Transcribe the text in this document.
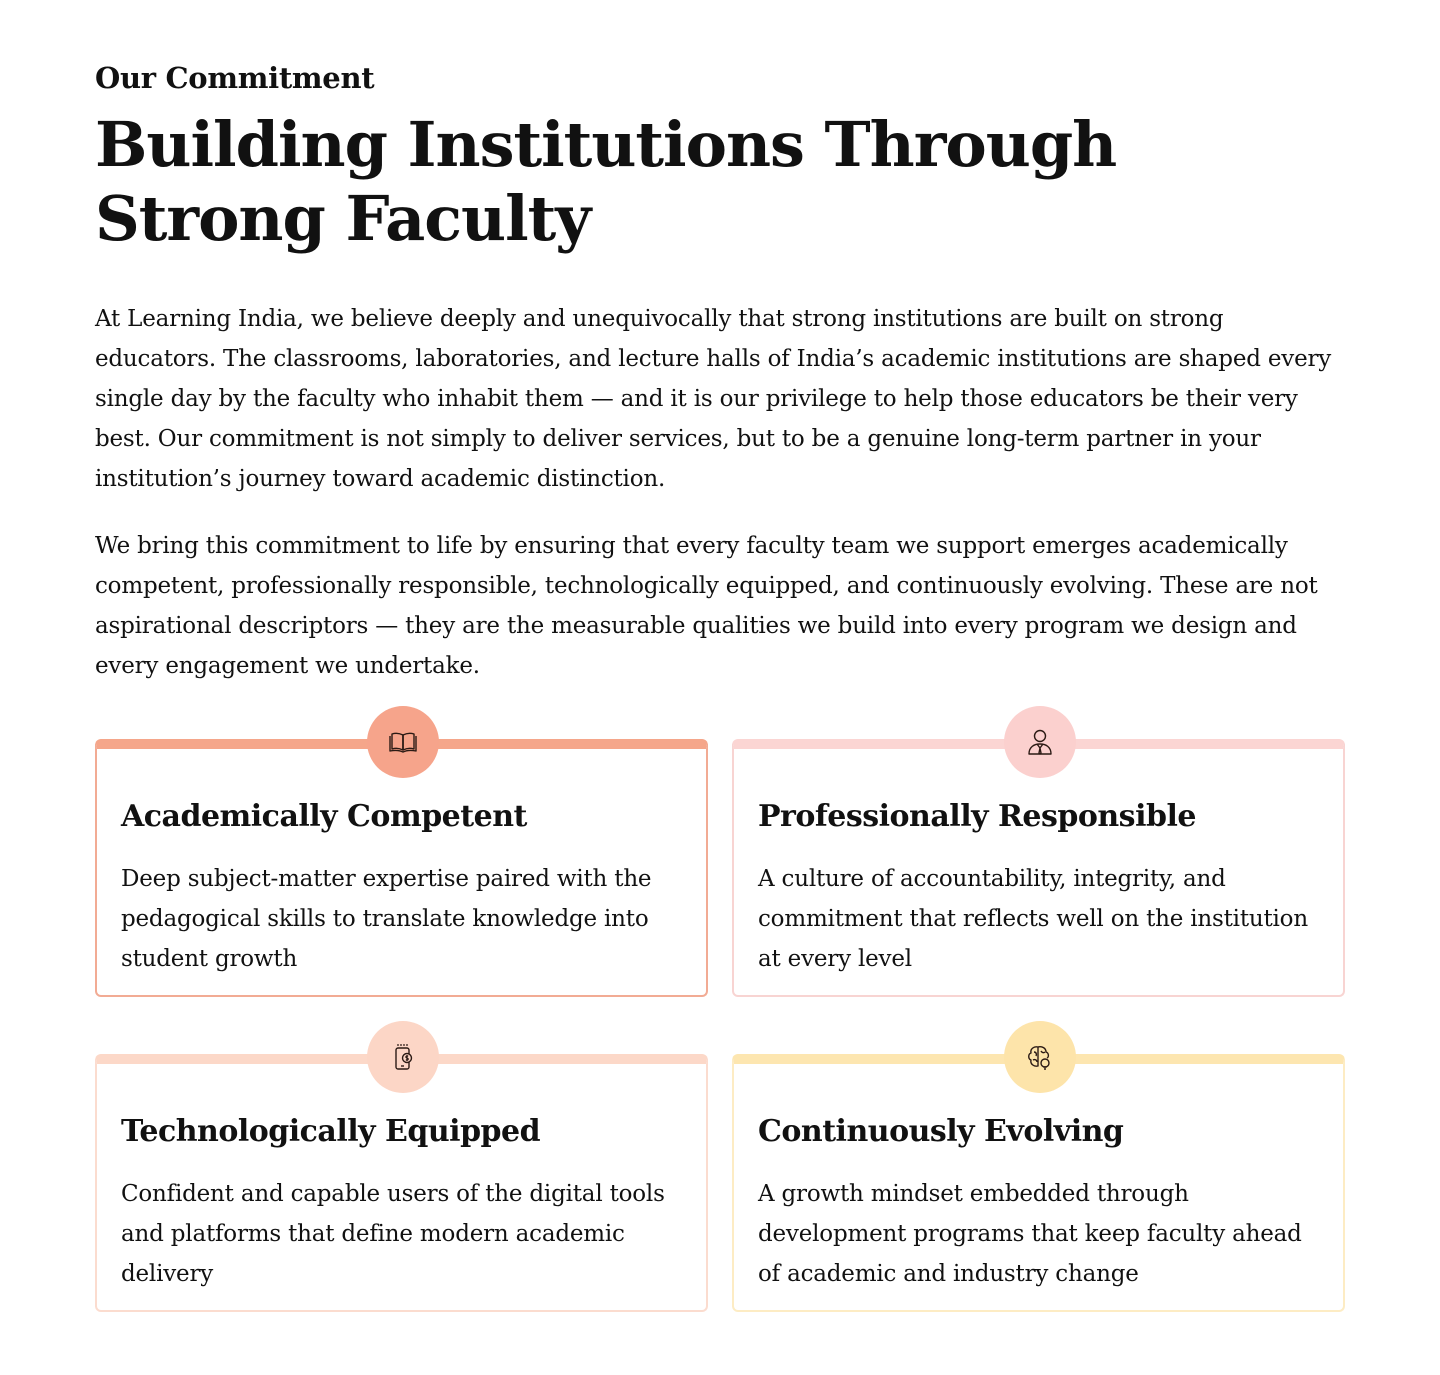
Our Commitment
Building Institutions Through Strong Faculty

At Learning India, we believe deeply and unequivocally that strong institutions are built on strong educators. The classrooms, laboratories, and lecture halls of India’s academic institutions are shaped every single day by the faculty who inhabit them — and it is our privilege to help those educators be their very best. Our commitment is not simply to deliver services, but to be a genuine long-term partner in your institution’s journey toward academic distinction.

We bring this commitment to life by ensuring that every faculty team we support emerges academically competent, professionally responsible, technologically equipped, and continuously evolving. These are not aspirational descriptors — they are the measurable qualities we build into every program we design and every engagement we undertake.

Academically Competent

Deep subject-matter expertise paired with the pedagogical skills to translate knowledge into student growth

Professionally Responsible

A culture of accountability, integrity, and commitment that reflects well on the institution at every level

Technologically Equipped

Confident and capable users of the digital tools and platforms that define modern academic delivery

Continuously Evolving

A growth mindset embedded through development programs that keep faculty ahead of academic and industry change
